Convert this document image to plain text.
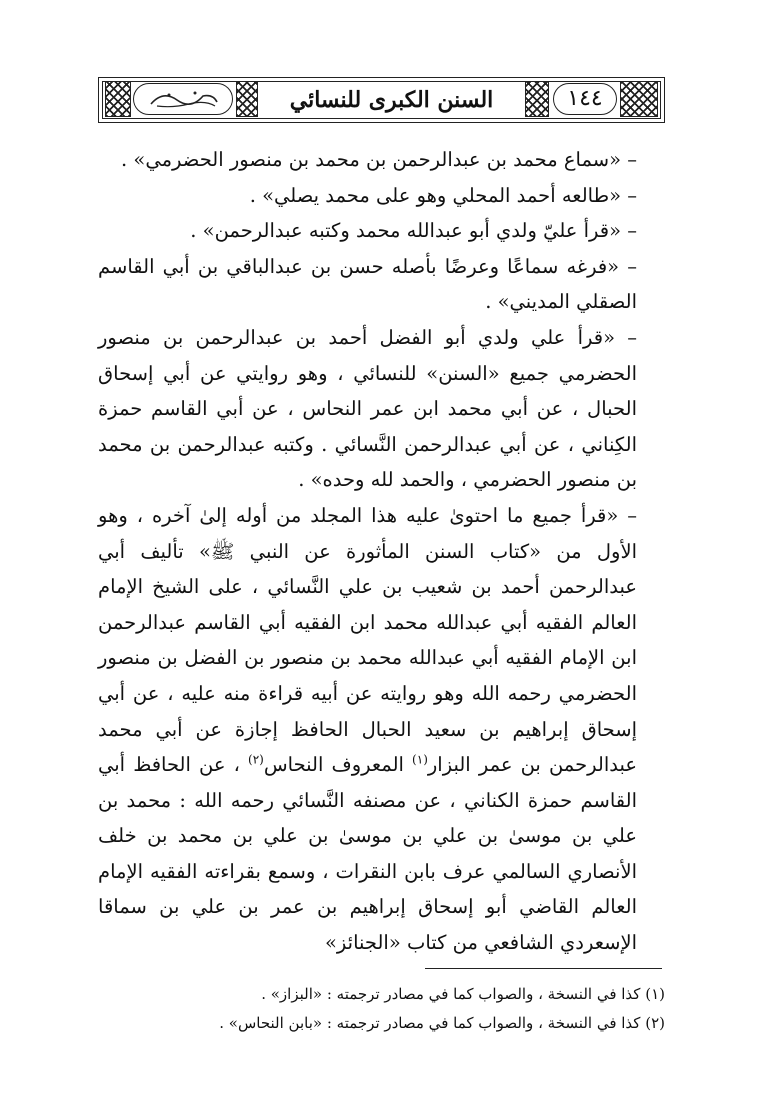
١٤٤
السنن الكبرى للنسائي

– «سماع محمد بن عبدالرحمن بن محمد بن منصور الحضرمي» .

– «طالعه أحمد المحلي وهو على محمد يصلي» .

– «قرأ عليّ ولدي أبو عبدالله محمد وكتبه عبدالرحمن» .

– «فرغه سماعًا وعرضًا بأصله حسن بن عبدالباقي بن أبي القاسم الصقلي المديني» .

– «قرأ علي ولدي أبو الفضل أحمد بن عبدالرحمن بن منصور الحضرمي جميع «السنن» للنسائي ، وهو روايتي عن أبي إسحاق الحبال ، عن أبي محمد ابن عمر النحاس ، عن أبي القاسم حمزة الكِناني ، عن أبي عبدالرحمن النَّسائي . وكتبه عبدالرحمن بن محمد بن منصور الحضرمي ، والحمد لله وحده» .

– «قرأ جميع ما احتوىٰ عليه هذا المجلد من أوله إلىٰ آخره ، وهو الأول من «كتاب السنن المأثورة عن النبي ﷺ» تأليف أبي عبدالرحمن أحمد بن شعيب بن علي النَّسائي ، على الشيخ الإمام العالم الفقيه أبي عبدالله محمد ابن الفقيه أبي القاسم عبدالرحمن ابن الإمام الفقيه أبي عبدالله محمد بن منصور بن الفضل بن منصور الحضرمي رحمه الله وهو روايته عن أبيه قراءة منه عليه ، عن أبي إسحاق إبراهيم بن سعيد الحبال الحافظ إجازة عن أبي محمد عبدالرحمن بن عمر البزار$^{(١)}$ المعروف النحاس$^{(٢)}$ ، عن الحافظ أبي القاسم حمزة الكناني ، عن مصنفه النَّسائي رحمه الله : محمد بن علي بن موسىٰ بن علي بن موسىٰ بن علي بن محمد بن خلف الأنصاري السالمي عرف بابن النقرات ، وسمع بقراءته الفقيه الإمام العالم القاضي أبو إسحاق إبراهيم بن عمر بن علي بن سماقا الإسعردي الشافعي من كتاب «الجنائز»

(١) كذا في النسخة ، والصواب كما في مصادر ترجمته : «البزاز» .

(٢) كذا في النسخة ، والصواب كما في مصادر ترجمته : «بابن النحاس» .
